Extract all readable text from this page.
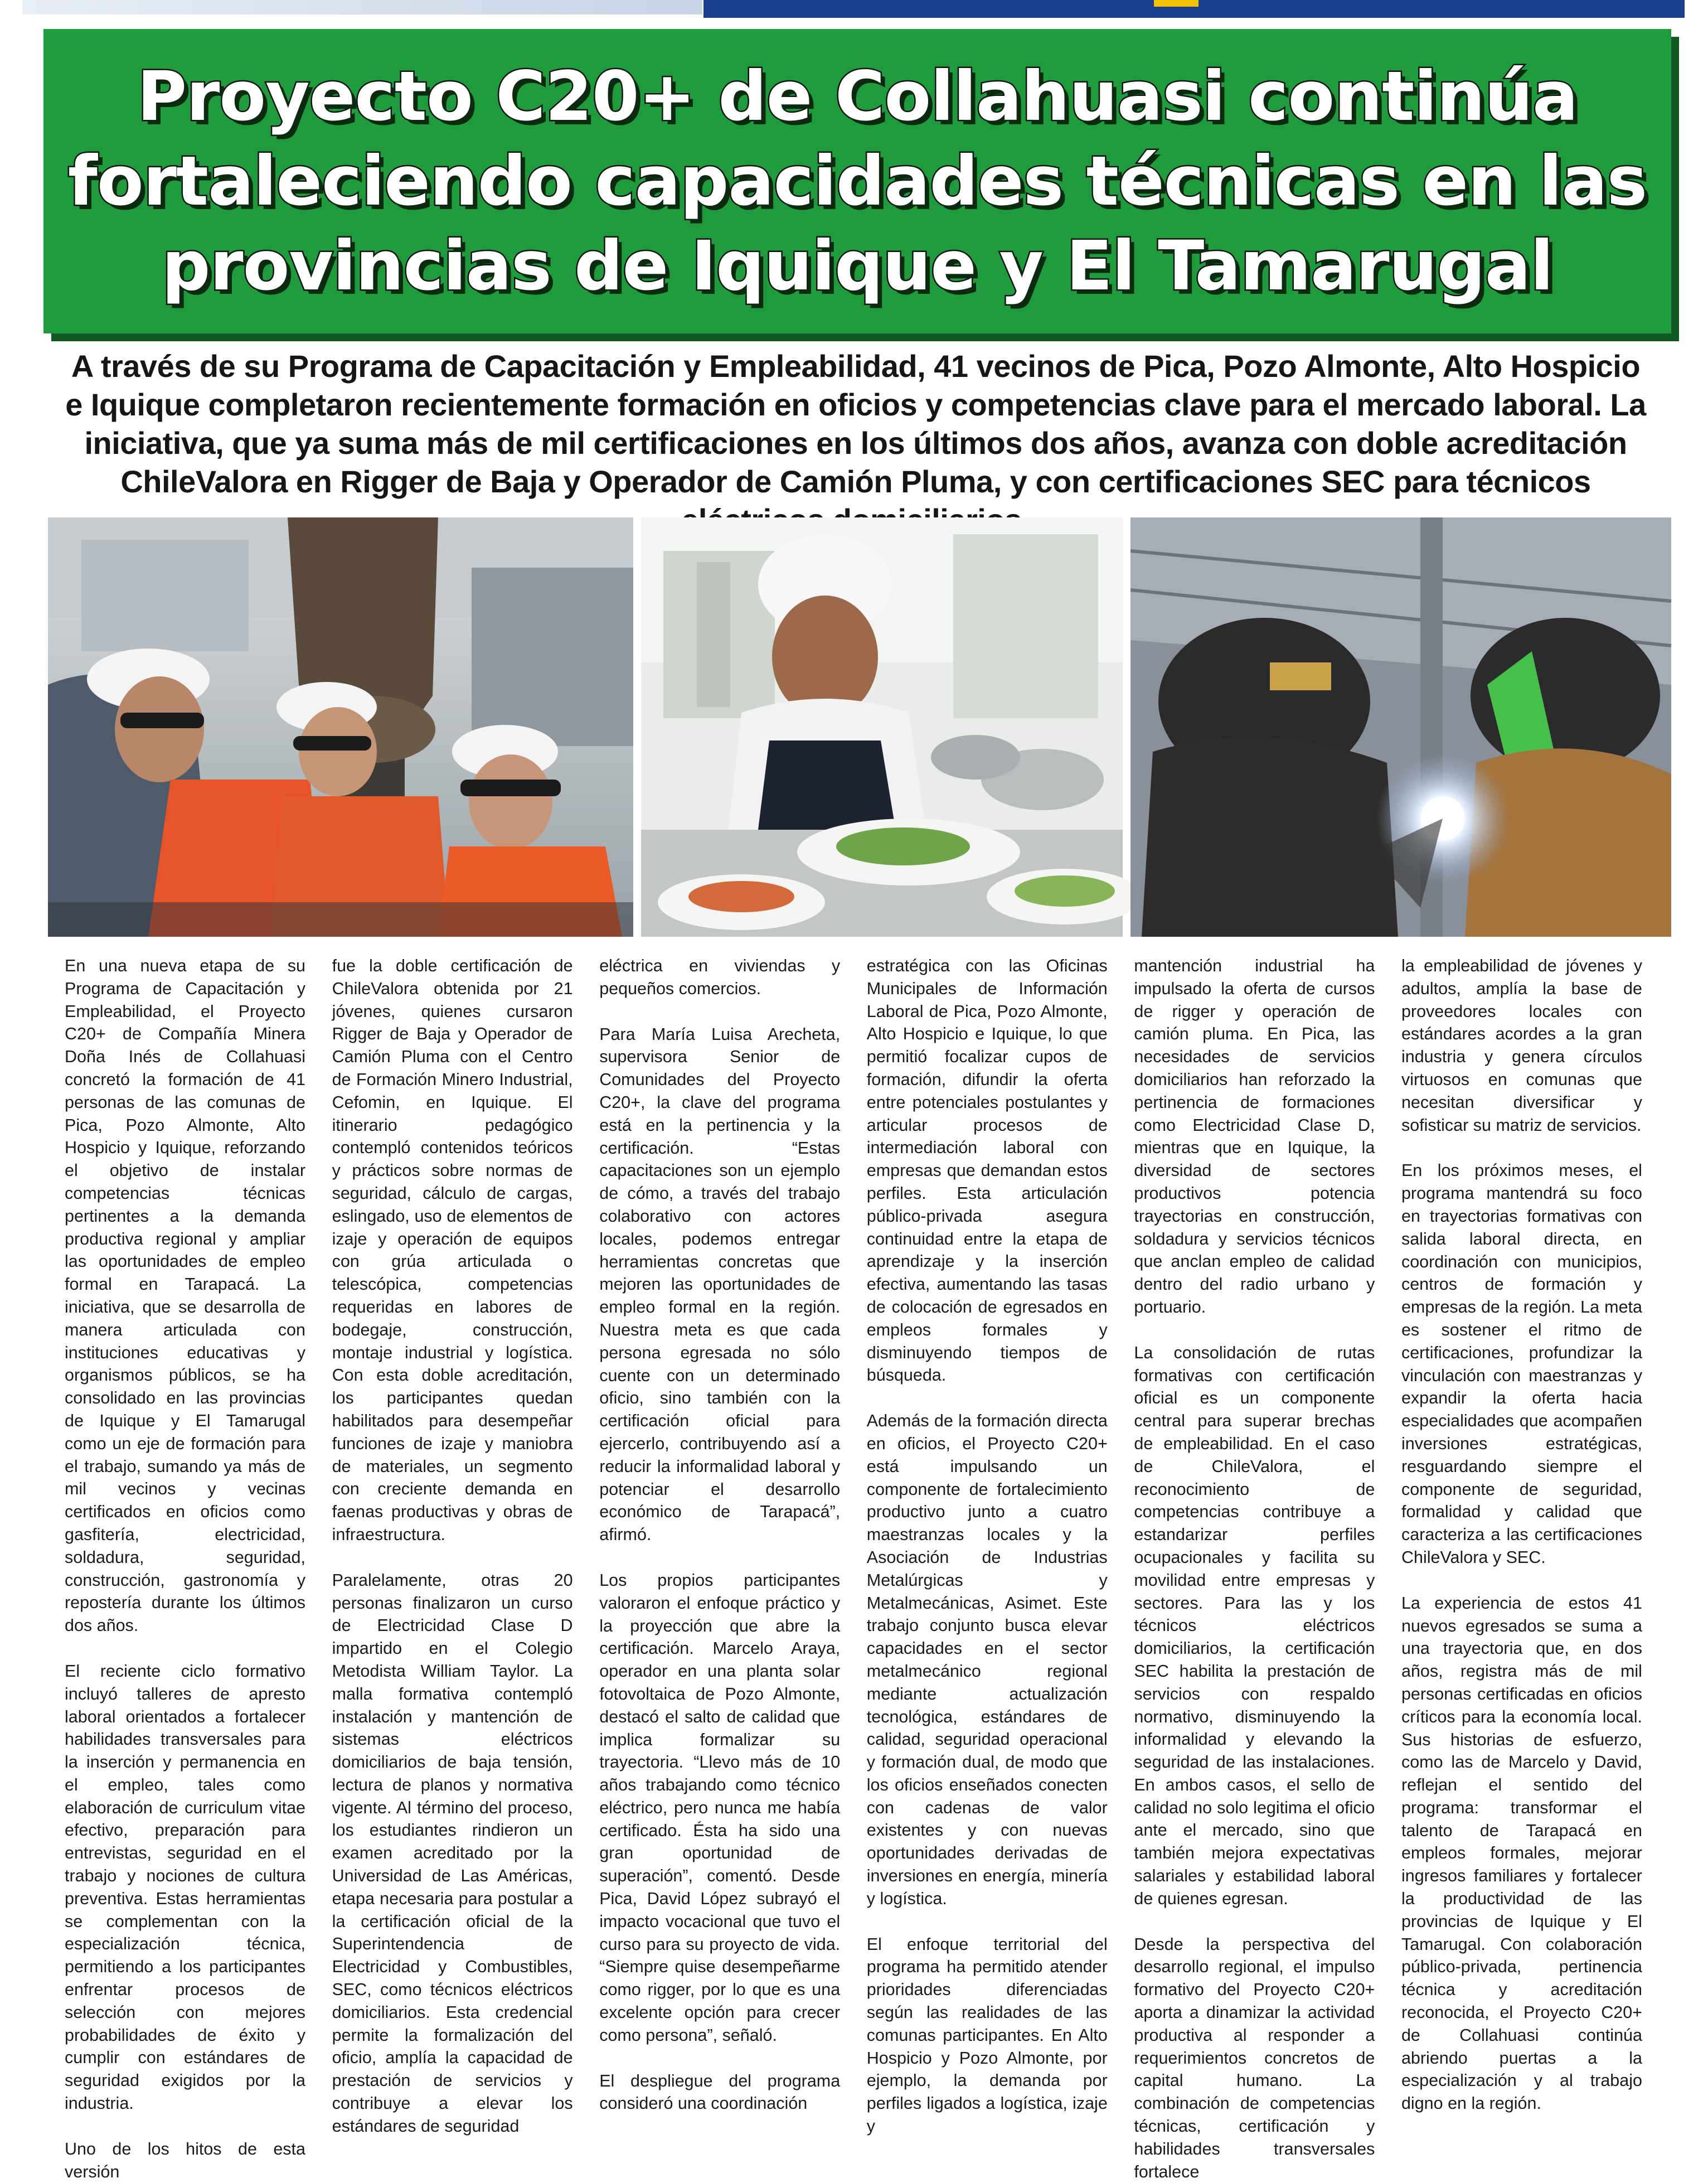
Proyecto C20+ de Collahuasi continúa fortaleciendo capacidades técnicas en las provincias de Iquique y El Tamarugal

A través de su Programa de Capacitación y Empleabilidad, 41 vecinos de Pica, Pozo Almonte, Alto Hospicio e Iquique completaron recientemente formación en oficios y competencias clave para el mercado laboral. La iniciativa, que ya suma más de mil certificaciones en los últimos dos años, avanza con doble acreditación ChileValora en Rigger de Baja y Operador de Camión Pluma, y con certificaciones SEC para técnicos

En una nueva etapa de su Programa de Capacitación y Empleabilidad, el Proyecto C20+ de Compañía Minera Doña Inés de Collahuasi concretó la formación de 41 personas de las comunas de Pica, Pozo Almonte, Alto Hospicio y Iquique, reforzando el objetivo de instalar competencias técnicas pertinentes a la demanda productiva regional y ampliar las oportunidades de empleo formal en Tarapacá. La iniciativa, que se desarrolla de manera articulada con instituciones educativas y organismos públicos, se ha consolidado en las provincias de Iquique y El Tamarugal como un eje de formación para el trabajo, sumando ya más de mil vecinos y vecinas certificados en oficios como gasfitería, electricidad, soldadura, seguridad, construcción, gastronomía y repostería durante los últimos dos años.

El reciente ciclo formativo incluyó talleres de apresto laboral orientados a fortalecer habilidades transversales para la inserción y permanencia en el empleo, tales como elaboración de curriculum vitae efectivo, preparación para entrevistas, seguridad en el trabajo y nociones de cultura preventiva. Estas herramientas se complementan con la especialización técnica, permitiendo a los participantes enfrentar procesos de selección con mejores probabilidades de éxito y cumplir con estándares de seguridad exigidos por la industria.

Uno de los hitos de esta versión

fue la doble certificación de ChileValora obtenida por 21 jóvenes, quienes cursaron Rigger de Baja y Operador de Camión Pluma con el Centro de Formación Minero Industrial, Cefomin, en Iquique. El itinerario pedagógico contempló contenidos teóricos y prácticos sobre normas de seguridad, cálculo de cargas, eslingado, uso de elementos de izaje y operación de equipos con grúa articulada o telescópica, competencias requeridas en labores de bodegaje, construcción, montaje industrial y logística. Con esta doble acreditación, los participantes quedan habilitados para desempeñar funciones de izaje y maniobra de materiales, un segmento con creciente demanda en faenas productivas y obras de infraestructura.

Paralelamente, otras 20 personas finalizaron un curso de Electricidad Clase D impartido en el Colegio Metodista William Taylor. La malla formativa contempló instalación y mantención de sistemas eléctricos domiciliarios de baja tensión, lectura de planos y normativa vigente. Al término del proceso, los estudiantes rindieron un examen acreditado por la Universidad de Las Américas, etapa necesaria para postular a la certificación oficial de la Superintendencia de Electricidad y Combustibles, SEC, como técnicos eléctricos domiciliarios. Esta credencial permite la formalización del oficio, amplía la capacidad de prestación de servicios y contribuye a elevar los estándares de seguridad

eléctrica en viviendas y pequeños comercios.

Para María Luisa Arecheta, supervisora Senior de Comunidades del Proyecto C20+, la clave del programa está en la pertinencia y la certificación. “Estas capacitaciones son un ejemplo de cómo, a través del trabajo colaborativo con actores locales, podemos entregar herramientas concretas que mejoren las oportunidades de empleo formal en la región. Nuestra meta es que cada persona egresada no sólo cuente con un determinado oficio, sino también con la certificación oficial para ejercerlo, contribuyendo así a reducir la informalidad laboral y potenciar el desarrollo económico de Tarapacá”, afirmó.

Los propios participantes valoraron el enfoque práctico y la proyección que abre la certificación. Marcelo Araya, operador en una planta solar fotovoltaica de Pozo Almonte, destacó el salto de calidad que implica formalizar su trayectoria. “Llevo más de 10 años trabajando como técnico eléctrico, pero nunca me había certificado. Ésta ha sido una gran oportunidad de superación”, comentó. Desde Pica, David López subrayó el impacto vocacional que tuvo el curso para su proyecto de vida. “Siempre quise desempeñarme como rigger, por lo que es una excelente opción para crecer como persona”, señaló.

El despliegue del programa consideró una coordinación

estratégica con las Oficinas Municipales de Información Laboral de Pica, Pozo Almonte, Alto Hospicio e Iquique, lo que permitió focalizar cupos de formación, difundir la oferta entre potenciales postulantes y articular procesos de intermediación laboral con empresas que demandan estos perfiles. Esta articulación público-privada asegura continuidad entre la etapa de aprendizaje y la inserción efectiva, aumentando las tasas de colocación de egresados en empleos formales y disminuyendo tiempos de búsqueda.

Además de la formación directa en oficios, el Proyecto C20+ está impulsando un componente de fortalecimiento productivo junto a cuatro maestranzas locales y la Asociación de Industrias Metalúrgicas y Metalmecánicas, Asimet. Este trabajo conjunto busca elevar capacidades en el sector metalmecánico regional mediante actualización tecnológica, estándares de calidad, seguridad operacional y formación dual, de modo que los oficios enseñados conecten con cadenas de valor existentes y con nuevas oportunidades derivadas de inversiones en energía, minería y logística.

El enfoque territorial del programa ha permitido atender prioridades diferenciadas según las realidades de las comunas participantes. En Alto Hospicio y Pozo Almonte, por ejemplo, la demanda por perfiles ligados a logística, izaje y

mantención industrial ha impulsado la oferta de cursos de rigger y operación de camión pluma. En Pica, las necesidades de servicios domiciliarios han reforzado la pertinencia de formaciones como Electricidad Clase D, mientras que en Iquique, la diversidad de sectores productivos potencia trayectorias en construcción, soldadura y servicios técnicos que anclan empleo de calidad dentro del radio urbano y portuario.

La consolidación de rutas formativas con certificación oficial es un componente central para superar brechas de empleabilidad. En el caso de ChileValora, el reconocimiento de competencias contribuye a estandarizar perfiles ocupacionales y facilita su movilidad entre empresas y sectores. Para las y los técnicos eléctricos domiciliarios, la certificación SEC habilita la prestación de servicios con respaldo normativo, disminuyendo la informalidad y elevando la seguridad de las instalaciones. En ambos casos, el sello de calidad no solo legitima el oficio ante el mercado, sino que también mejora expectativas salariales y estabilidad laboral de quienes egresan.

Desde la perspectiva del desarrollo regional, el impulso formativo del Proyecto C20+ aporta a dinamizar la actividad productiva al responder a requerimientos concretos de capital humano. La combinación de competencias técnicas, certificación y habilidades transversales fortalece

la empleabilidad de jóvenes y adultos, amplía la base de proveedores locales con estándares acordes a la gran industria y genera círculos virtuosos en comunas que necesitan diversificar y sofisticar su matriz de servicios.

En los próximos meses, el programa mantendrá su foco en trayectorias formativas con salida laboral directa, en coordinación con municipios, centros de formación y empresas de la región. La meta es sostener el ritmo de certificaciones, profundizar la vinculación con maestranzas y expandir la oferta hacia especialidades que acompañen inversiones estratégicas, resguardando siempre el componente de seguridad, formalidad y calidad que caracteriza a las certificaciones ChileValora y SEC.

La experiencia de estos 41 nuevos egresados se suma a una trayectoria que, en dos años, registra más de mil personas certificadas en oficios críticos para la economía local. Sus historias de esfuerzo, como las de Marcelo y David, reflejan el sentido del programa: transformar el talento de Tarapacá en empleos formales, mejorar ingresos familiares y fortalecer la productividad de las provincias de Iquique y El Tamarugal. Con colaboración público-privada, pertinencia técnica y acreditación reconocida, el Proyecto C20+ de Collahuasi continúa abriendo puertas a la especialización y al trabajo digno en la región.
